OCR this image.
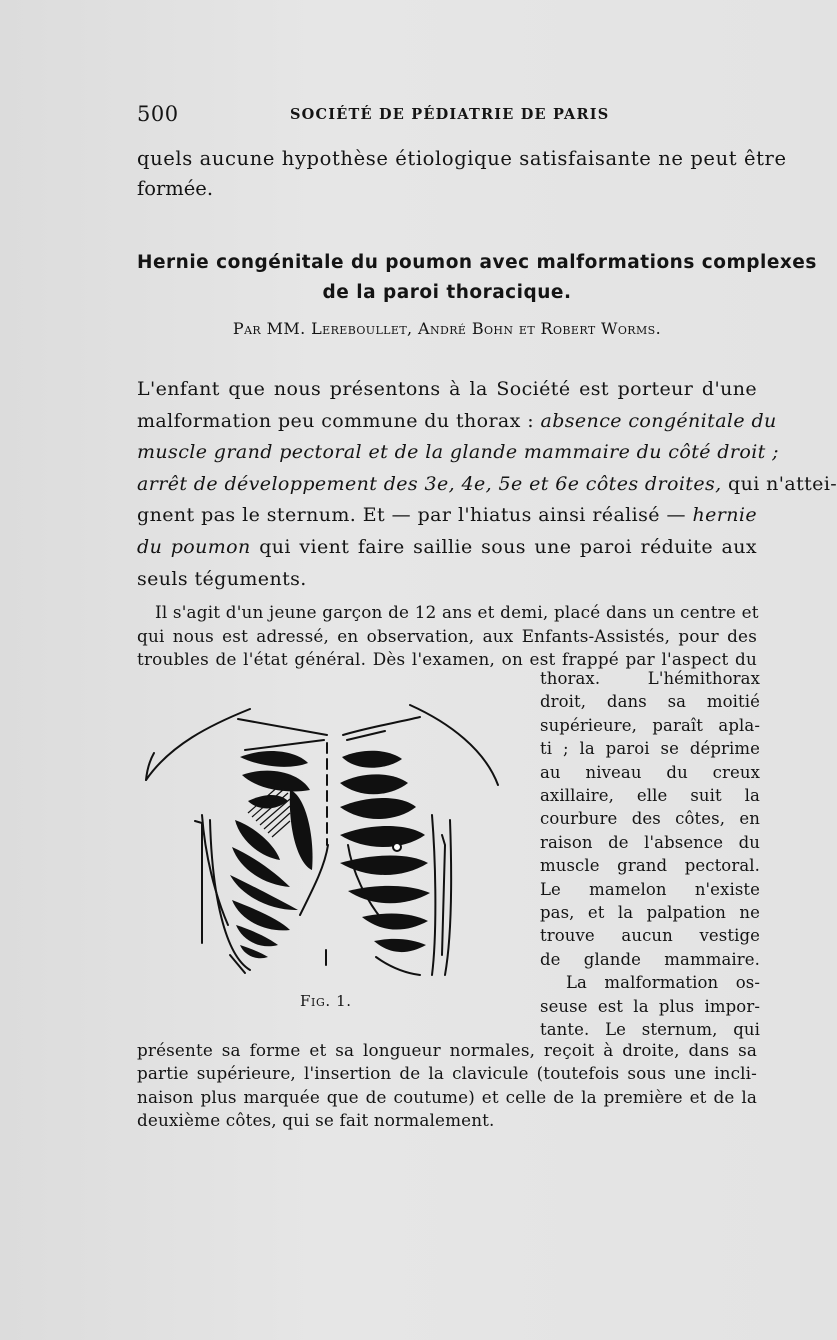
500	SOCIÉTÉ DE PÉDIATRIE DE PARIS
quels aucune hypothèse étiologique satisfaisante ne peut être
formée.
Hernie congénitale du poumon avec malformations complexes
de la paroi thoracique.
Par MM. Lereboullet, André Bohn et Robert Worms.
L'enfant que nous présentons à la Société est porteur d'une
malformation peu commune du thorax : absence congénitale du
muscle grand pectoral et de la glande mammaire du côté droit ;
arrêt de développement des 3e, 4e, 5e et 6e côtes droites, qui n'attei-
gnent pas le sternum. Et — par l'hiatus ainsi réalisé — hernie
du poumon qui vient faire saillie sous une paroi réduite aux
seuls téguments.
Il s'agit d'un jeune garçon de 12 ans et demi, placé dans un centre et
qui nous est adressé, en observation, aux Enfants-Assistés, pour des
troubles de l'état général. Dès l'examen, on est frappé par l'aspect du
Fig. 1.
thorax. L'hémithorax
droit, dans sa moitié
supérieure, paraît apla-
ti ; la paroi se déprime
au niveau du creux
axillaire, elle suit la
courbure des côtes, en
raison de l'absence du
muscle grand pectoral.
Le mamelon n'existe
pas, et la palpation ne
trouve aucun vestige
de glande mammaire.
La malformation os-
seuse est la plus impor-
tante. Le sternum, qui
présente sa forme et sa longueur normales, reçoit à droite, dans sa
partie supérieure, l'insertion de la clavicule (toutefois sous une incli-
naison plus marquée que de coutume) et celle de la première et de la
deuxième côtes, qui se fait normalement.
